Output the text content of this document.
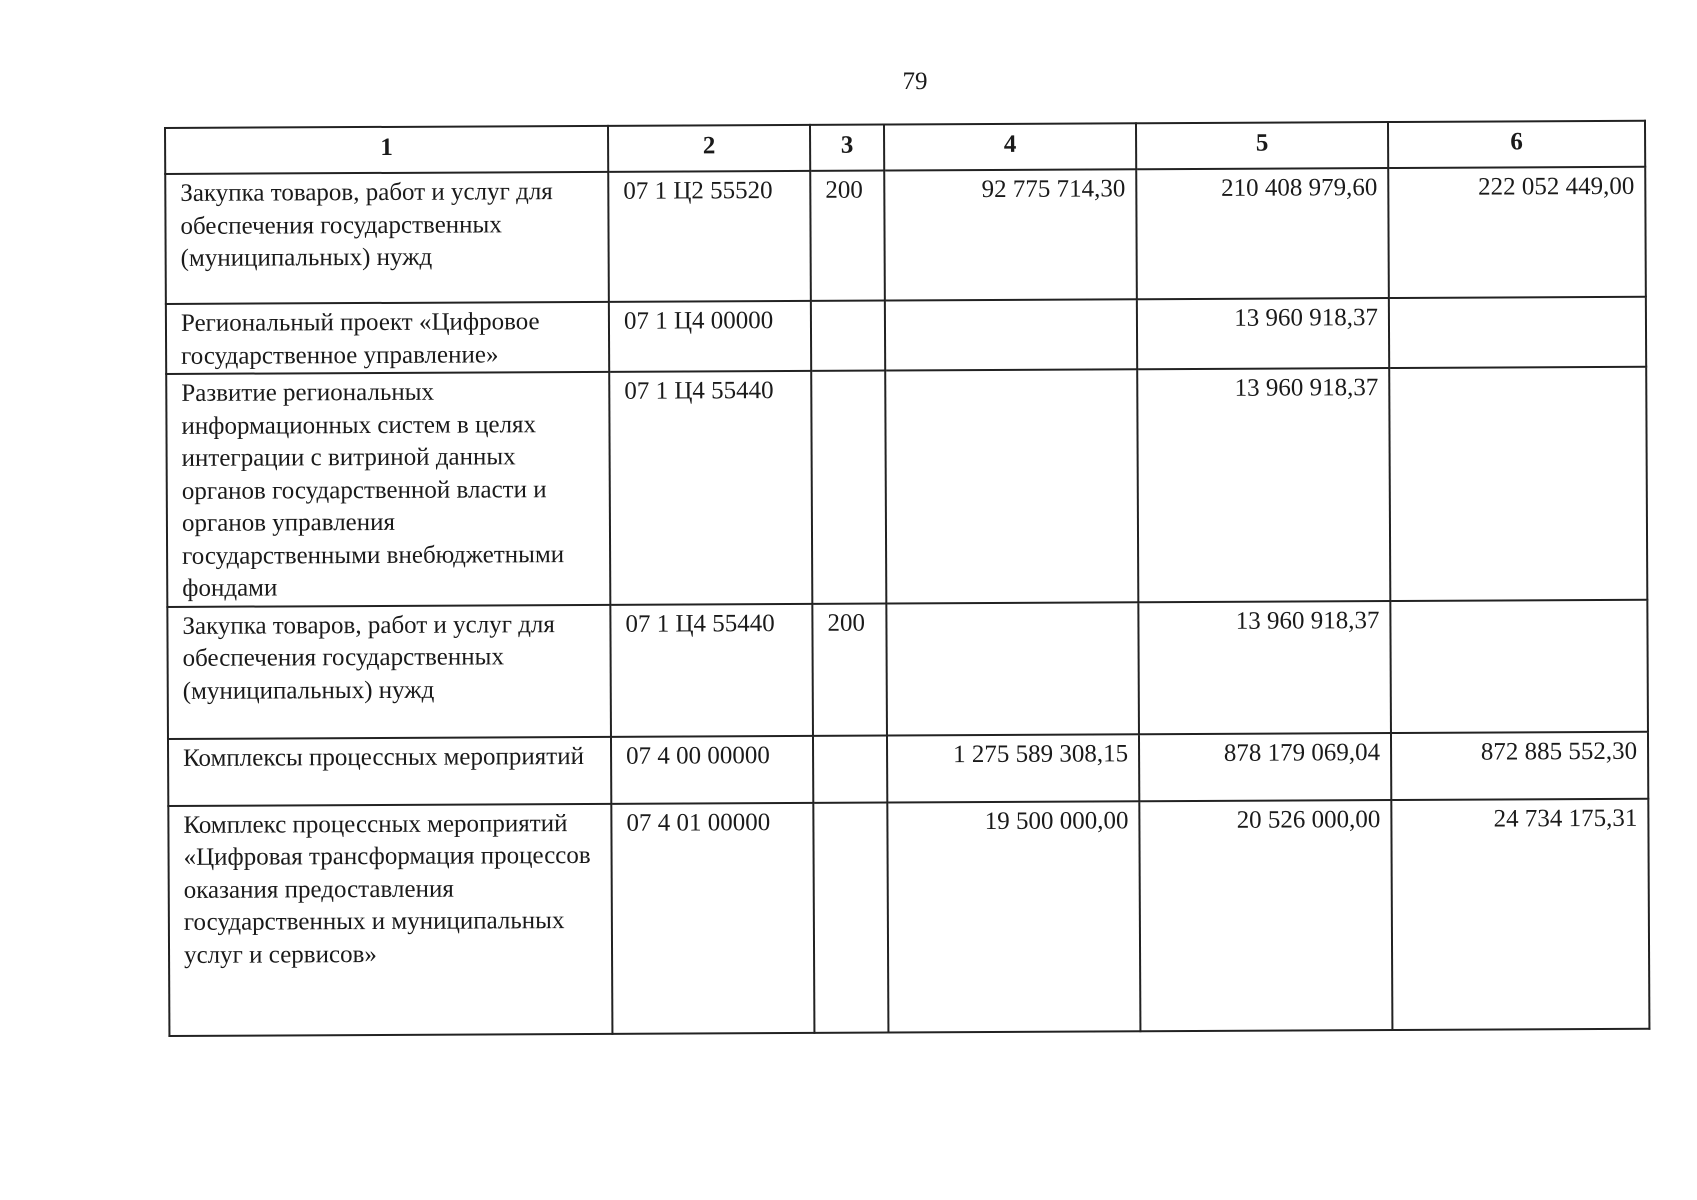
79
1	2	3	4	5	6
Закупка товаров, работ и услуг для обеспечения государственных (муниципальных) нужд	07 1 Ц2 55520	200	92 775 714,30	210 408 979,60	222 052 449,00
Региональный проект «Цифровое государственное управление»	07 1 Ц4 00000			13 960 918,37	
Развитие региональных информационных систем в целях интеграции с витриной данных органов государственной власти и органов управления государственными внебюджетными фондами	07 1 Ц4 55440			13 960 918,37	
Закупка товаров, работ и услуг для обеспечения государственных (муниципальных) нужд	07 1 Ц4 55440	200		13 960 918,37	
Комплексы процессных мероприятий	07 4 00 00000		1 275 589 308,15	878 179 069,04	872 885 552,30
Комплекс процессных мероприятий «Цифровая трансформация процессов оказания предоставления государственных и муниципальных услуг и сервисов»	07 4 01 00000		19 500 000,00	20 526 000,00	24 734 175,31
